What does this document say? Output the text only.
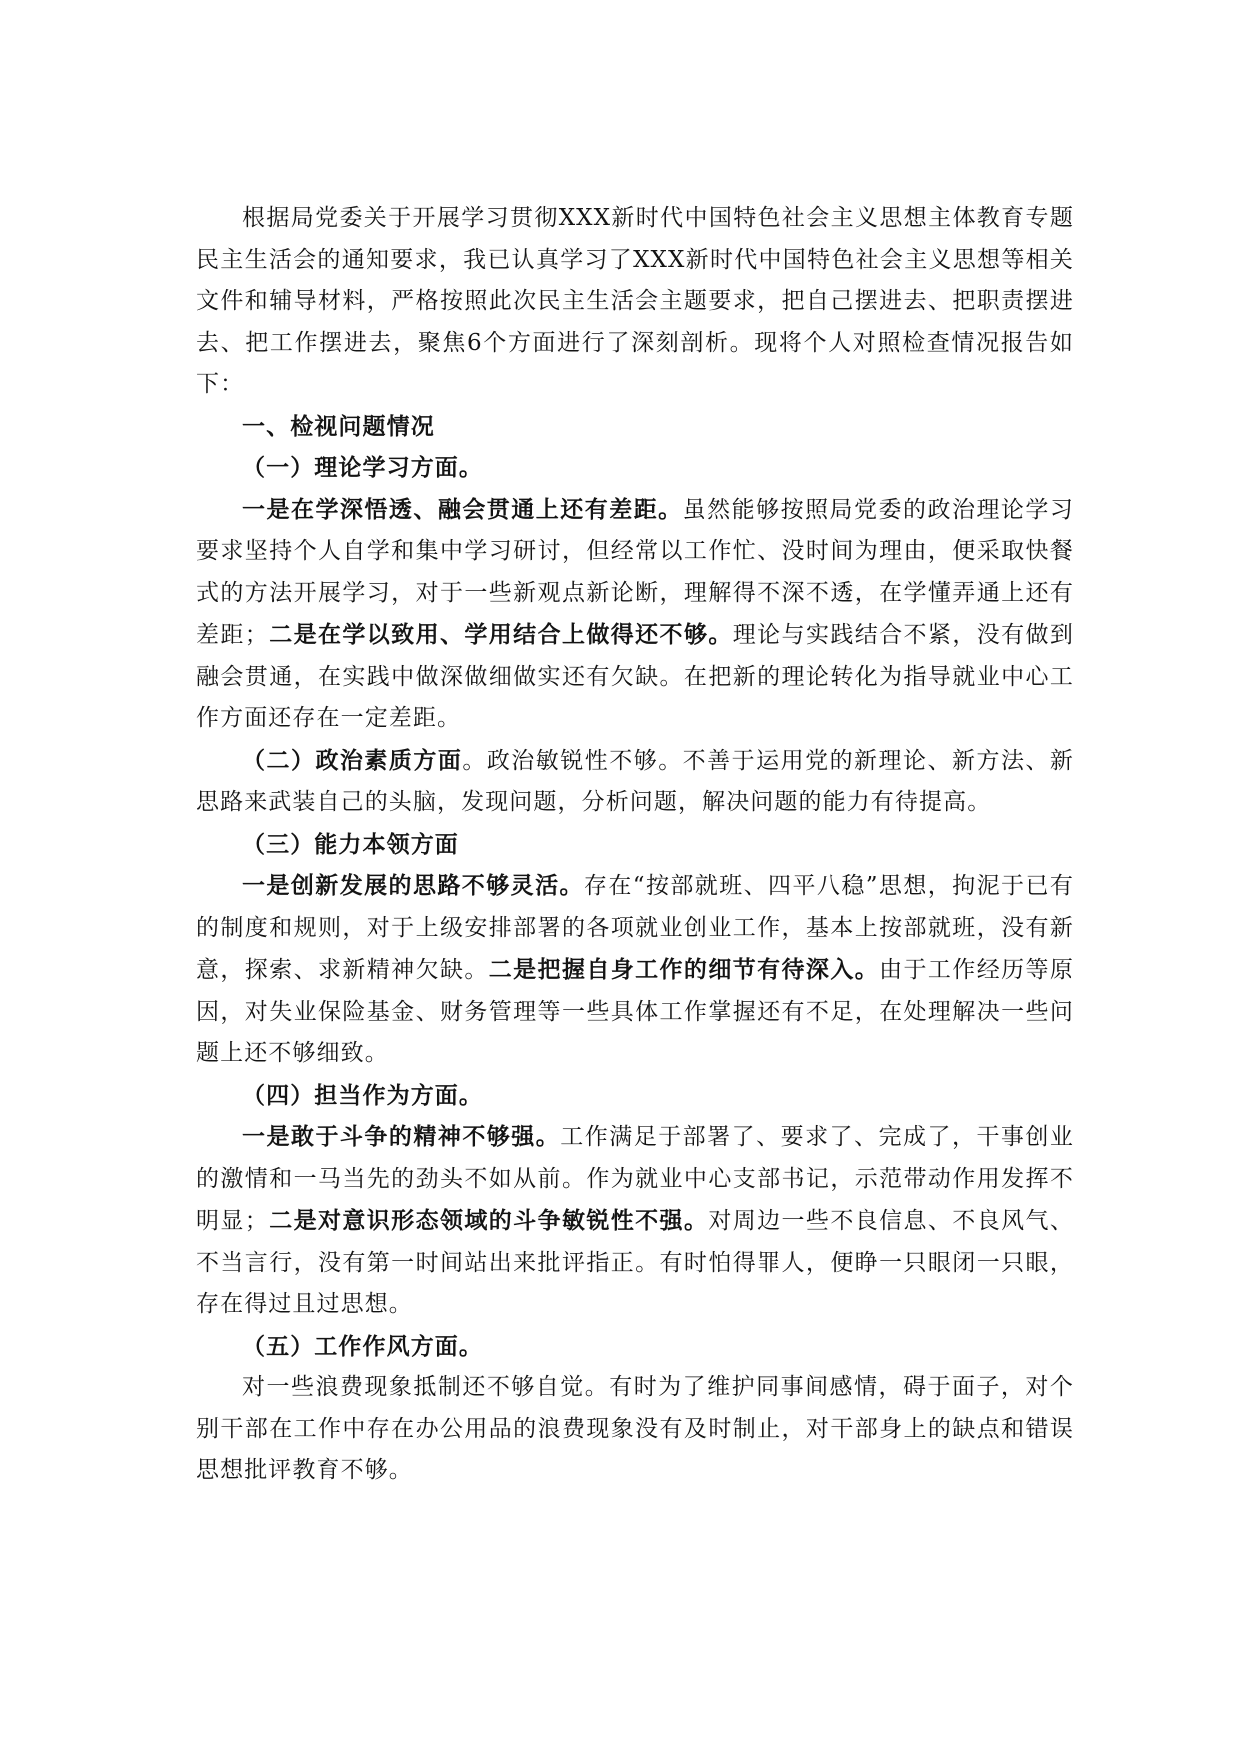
根据局党委关于开展学习贯彻XXX新时代中国特色社会主义思想主体教育专题民主生活会的通知要求，我已认真学习了XXX新时代中国特色社会主义思想等相关文件和辅导材料，严格按照此次民主生活会主题要求，把自己摆进去、把职责摆进去、把工作摆进去，聚焦6个方面进行了深刻剖析。现将个人对照检查情况报告如下：

一、检视问题情况

（一）理论学习方面。

一是在学深悟透、融会贯通上还有差距。虽然能够按照局党委的政治理论学习要求坚持个人自学和集中学习研讨，但经常以工作忙、没时间为理由，便采取快餐式的方法开展学习，对于一些新观点新论断，理解得不深不透，在学懂弄通上还有差距；二是在学以致用、学用结合上做得还不够。理论与实践结合不紧，没有做到融会贯通，在实践中做深做细做实还有欠缺。在把新的理论转化为指导就业中心工作方面还存在一定差距。

（二）政治素质方面。政治敏锐性不够。不善于运用党的新理论、新方法、新思路来武装自己的头脑，发现问题，分析问题，解决问题的能力有待提高。

（三）能力本领方面

一是创新发展的思路不够灵活。存在“按部就班、四平八稳”思想，拘泥于已有的制度和规则，对于上级安排部署的各项就业创业工作，基本上按部就班，没有新意，探索、求新精神欠缺。二是把握自身工作的细节有待深入。由于工作经历等原因，对失业保险基金、财务管理等一些具体工作掌握还有不足，在处理解决一些问题上还不够细致。

（四）担当作为方面。

一是敢于斗争的精神不够强。工作满足于部署了、要求了、完成了，干事创业的激情和一马当先的劲头不如从前。作为就业中心支部书记，示范带动作用发挥不明显；二是对意识形态领域的斗争敏锐性不强。对周边一些不良信息、不良风气、不当言行，没有第一时间站出来批评指正。有时怕得罪人，便睁一只眼闭一只眼，存在得过且过思想。

（五）工作作风方面。

对一些浪费现象抵制还不够自觉。有时为了维护同事间感情，碍于面子，对个别干部在工作中存在办公用品的浪费现象没有及时制止，对干部身上的缺点和错误思想批评教育不够。
